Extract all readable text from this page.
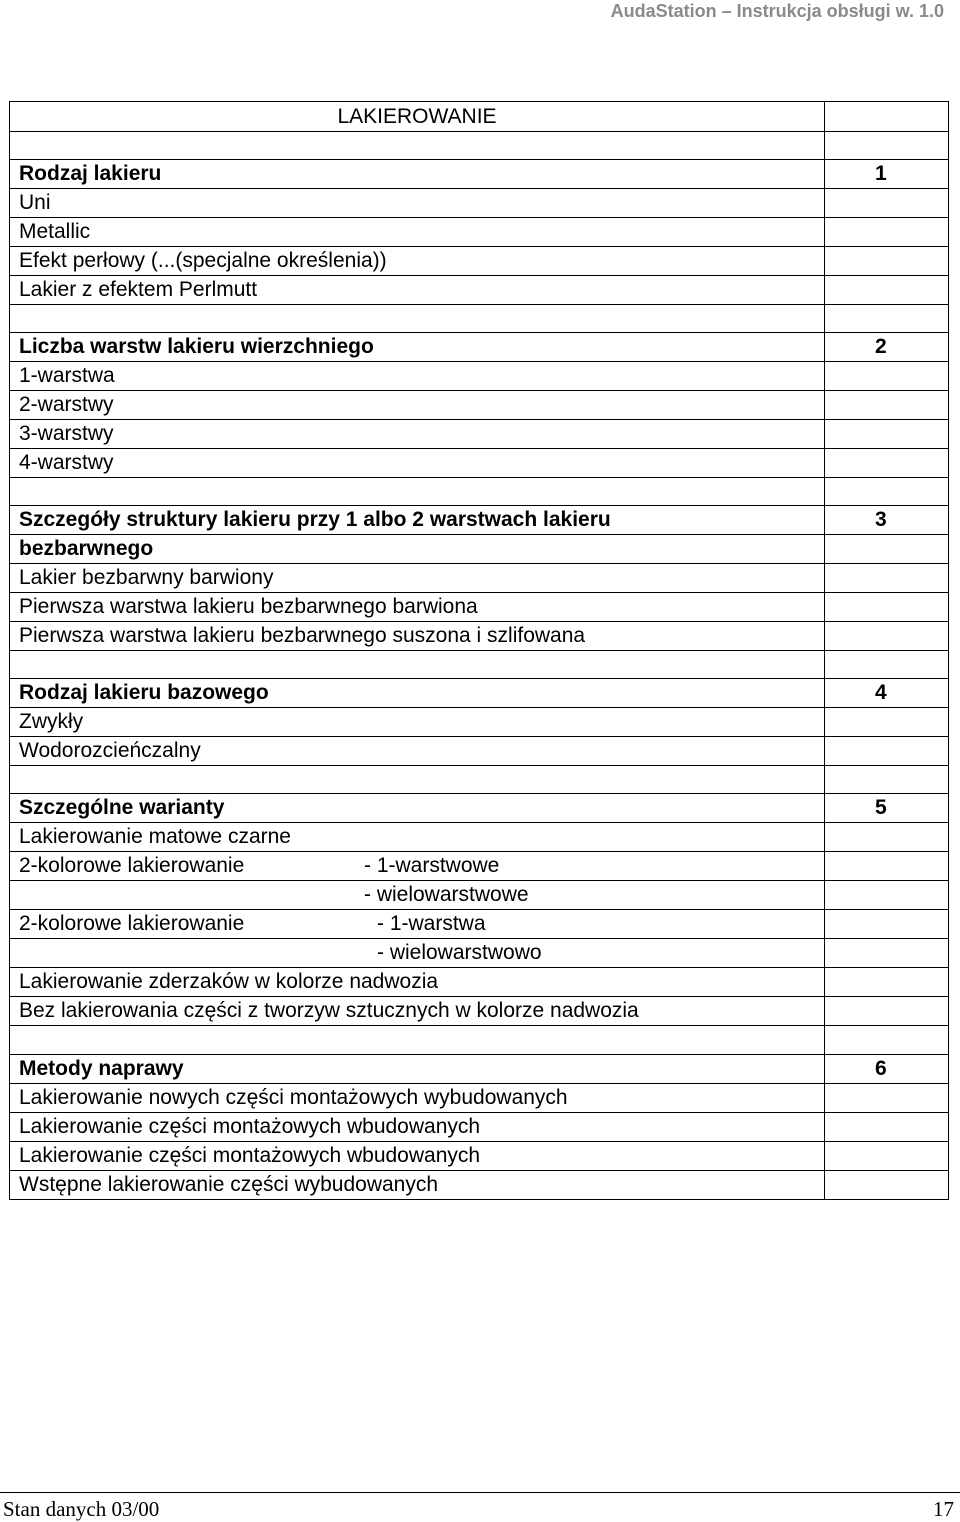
AudaStation – Instrukcja obsługi w. 1.0
LAKIEROWANIE	

Rodzaj lakieru	1
Uni	
Metallic	
Efekt perłowy (...(specjalne określenia))	
Lakier z efektem Perlmutt	

Liczba warstw lakieru wierzchniego	2
1-warstwa	
2-warstwy	
3-warstwy	
4-warstwy	

Szczegóły struktury lakieru przy 1 albo 2 warstwach lakieru	3
bezbarwnego	
Lakier bezbarwny barwiony	
Pierwsza warstwa lakieru bezbarwnego barwiona	
Pierwsza warstwa lakieru bezbarwnego suszona i szlifowana	

Rodzaj lakieru bazowego	4
Zwykły	
Wodorozcieńczalny	

Szczególne warianty	5
Lakierowanie matowe czarne	
2-kolorowe lakierowanie - 1-warstwowe	
- wielowarstwowe	
2-kolorowe lakierowanie - 1-warstwa	
- wielowarstwowo	
Lakierowanie zderzaków w kolorze nadwozia	
Bez lakierowania części z tworzyw sztucznych w kolorze nadwozia	

Metody naprawy	6
Lakierowanie nowych części montażowych wybudowanych	
Lakierowanie części montażowych wbudowanych	
Lakierowanie części montażowych wbudowanych	
Wstępne lakierowanie części wybudowanych	
Stan danych 03/00	17
